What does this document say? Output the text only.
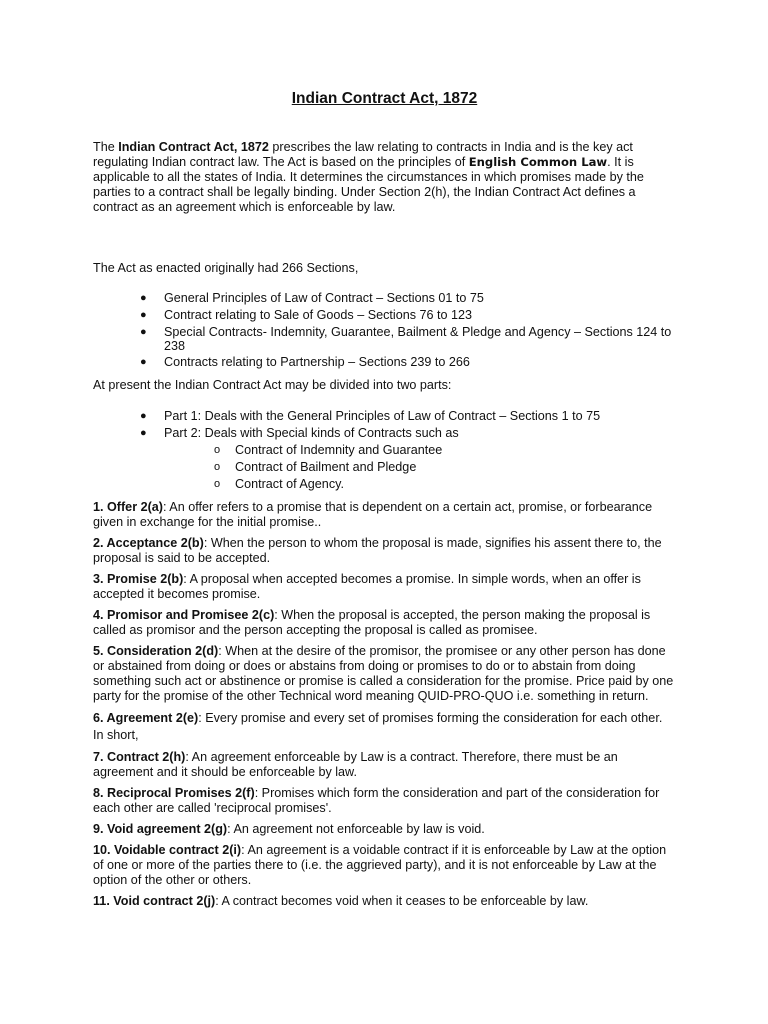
Indian Contract Act, 1872

The Indian Contract Act, 1872 prescribes the law relating to contracts in India and is the key act regulating Indian contract law. The Act is based on the principles of English Common Law. It is applicable to all the states of India. It determines the circumstances in which promises made by the parties to a contract shall be legally binding. Under Section 2(h), the Indian Contract Act defines a contract as an agreement which is enforceable by law.

The Act as enacted originally had 266 Sections,

● General Principles of Law of Contract – Sections 01 to 75
● Contract relating to Sale of Goods – Sections 76 to 123
● Special Contracts- Indemnity, Guarantee, Bailment & Pledge and Agency – Sections 124 to 238
● Contracts relating to Partnership – Sections 239 to 266

At present the Indian Contract Act may be divided into two parts:

● Part 1: Deals with the General Principles of Law of Contract – Sections 1 to 75
● Part 2: Deals with Special kinds of Contracts such as
o Contract of Indemnity and Guarantee
o Contract of Bailment and Pledge
o Contract of Agency.

1. Offer 2(a): An offer refers to a promise that is dependent on a certain act, promise, or forbearance given in exchange for the initial promise..

2. Acceptance 2(b): When the person to whom the proposal is made, signifies his assent there to, the proposal is said to be accepted.

3. Promise 2(b): A proposal when accepted becomes a promise. In simple words, when an offer is accepted it becomes promise.

4. Promisor and Promisee 2(c): When the proposal is accepted, the person making the proposal is called as promisor and the person accepting the proposal is called as promisee.

5. Consideration 2(d): When at the desire of the promisor, the promisee or any other person has done or abstained from doing or does or abstains from doing or promises to do or to abstain from doing something such act or abstinence or promise is called a consideration for the promise. Price paid by one party for the promise of the other Technical word meaning QUID-PRO-QUO i.e. something in return.

6. Agreement 2(e): Every promise and every set of promises forming the consideration for each other. In short,

7. Contract 2(h): An agreement enforceable by Law is a contract. Therefore, there must be an agreement and it should be enforceable by law.

8. Reciprocal Promises 2(f): Promises which form the consideration and part of the consideration for each other are called 'reciprocal promises'.

9. Void agreement 2(g): An agreement not enforceable by law is void.

10. Voidable contract 2(i): An agreement is a voidable contract if it is enforceable by Law at the option of one or more of the parties there to (i.e. the aggrieved party), and it is not enforceable by Law at the option of the other or others.

11. Void contract 2(j): A contract becomes void when it ceases to be enforceable by law.
